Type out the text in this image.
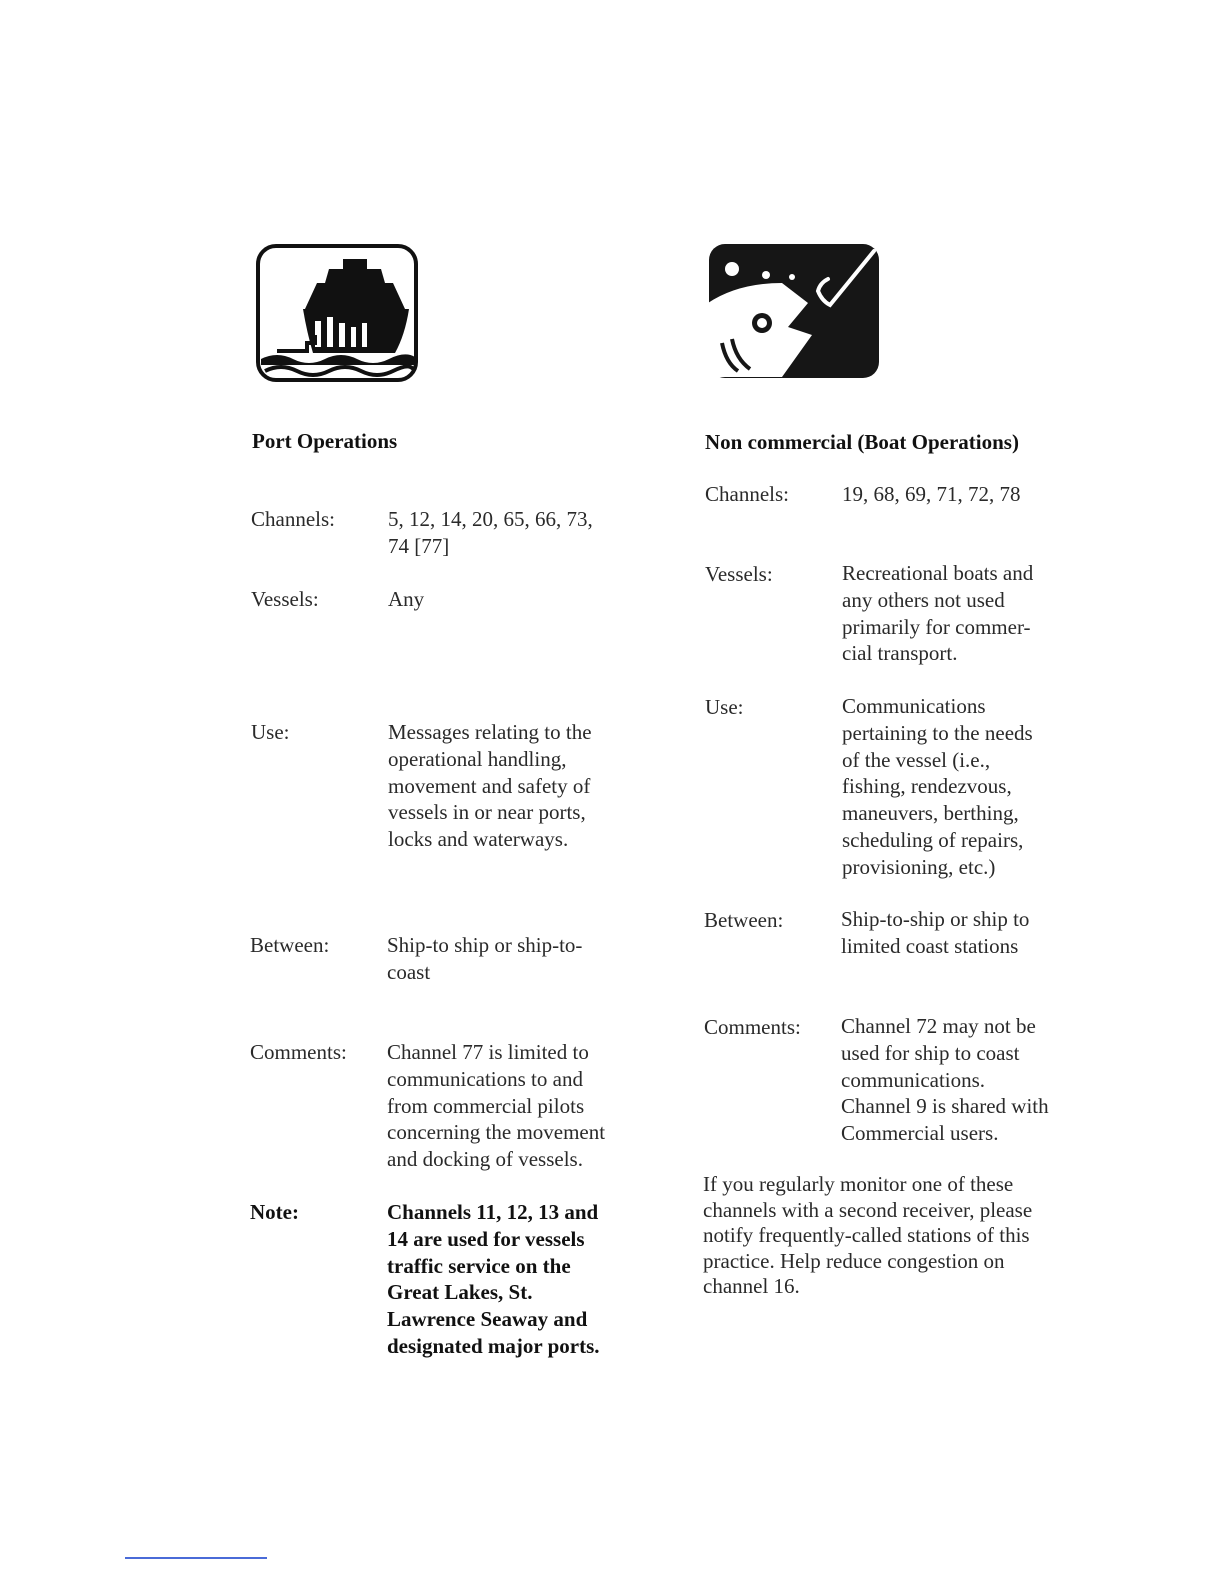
Port Operations	Non commercial (Boat Operations)
Channels:	5, 12, 14, 20, 65, 66, 73,
74 [77]
Vessels:	Any
Use:	Messages relating to the
operational handling,
movement and safety of
vessels in or near ports,
locks and waterways.
Between:	Ship-to ship or ship-to-
coast
Comments: Channel 77 is limited to
communications to and
from commercial pilots
concerning the movement
and docking of vessels.
Note:	Channels 11, 12, 13 and
14 are used for vessels
traffic service on the
Great Lakes, St.
Lawrence Seaway and
designated major ports.
Channels:	19, 68, 69, 71, 72, 78
Vessels:	Recreational boats and
any others not used
primarily for commer-
cial transport.
Use:	Communications
pertaining to the needs
of the vessel (i.e.,
fishing, rendezvous,
maneuvers, berthing,
scheduling of repairs,
provisioning, etc.)
Between:	Ship-to-ship or ship to
limited coast stations
Comments: Channel 72 may not be
used for ship to coast
communications.
Channel 9 is shared with
Commercial users.
If you regularly monitor one of these
channels with a second receiver, please
notify frequently-called stations of this
practice. Help reduce congestion on
channel 16.
